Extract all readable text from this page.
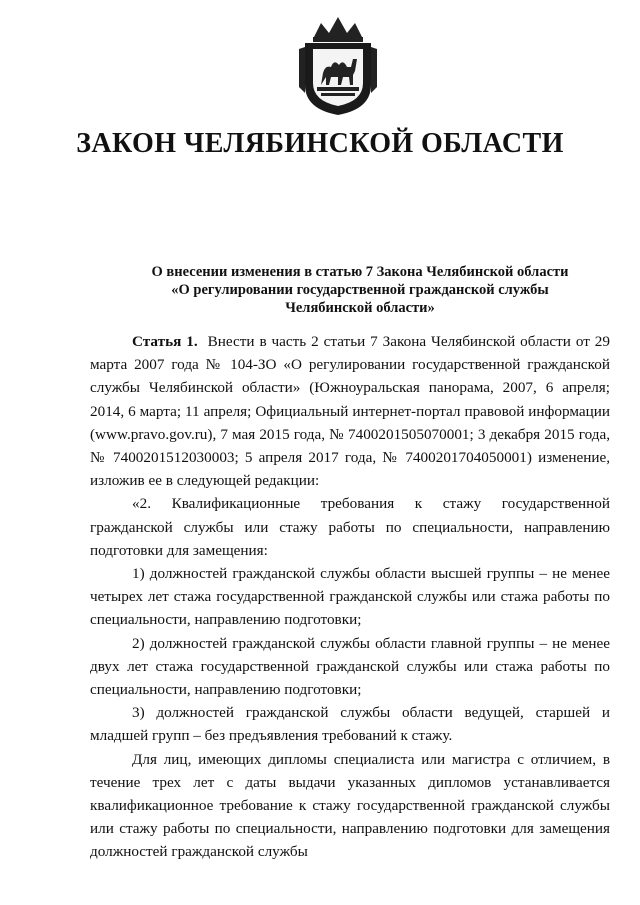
ЗАКОН ЧЕЛЯБИНСКОЙ ОБЛАСТИ
О внесении изменения в статью 7 Закона Челябинской области
«О регулировании государственной гражданской службы
Челябинской области»

Статья 1. Внести в часть 2 статьи 7 Закона Челябинской области от 29 марта 2007 года № 104-ЗО «О регулировании государственной гражданской службы Челябинской области» (Южноуральская панорама, 2007, 6 апреля; 2014, 6 марта; 11 апреля; Официальный интернет-портал правовой информации (www.pravo.gov.ru), 7 мая 2015 года, № 7400201505070001; 3 декабря 2015 года, № 7400201512030003; 5 апреля 2017 года, № 7400201704050001) изменение, изложив ее в следующей редакции:

«2. Квалификационные требования к стажу государственной гражданской службы или стажу работы по специальности, направлению подготовки для замещения:

1) должностей гражданской службы области высшей группы – не менее четырех лет стажа государственной гражданской службы или стажа работы по специальности, направлению подготовки;

2) должностей гражданской службы области главной группы – не менее двух лет стажа государственной гражданской службы или стажа работы по специальности, направлению подготовки;

3) должностей гражданской службы области ведущей, старшей и младшей групп – без предъявления требований к стажу.

Для лиц, имеющих дипломы специалиста или магистра с отличием, в течение трех лет с даты выдачи указанных дипломов устанавливается квалификационное требование к стажу государственной гражданской службы или стажу работы по специальности, направлению подготовки для замещения должностей гражданской службы
